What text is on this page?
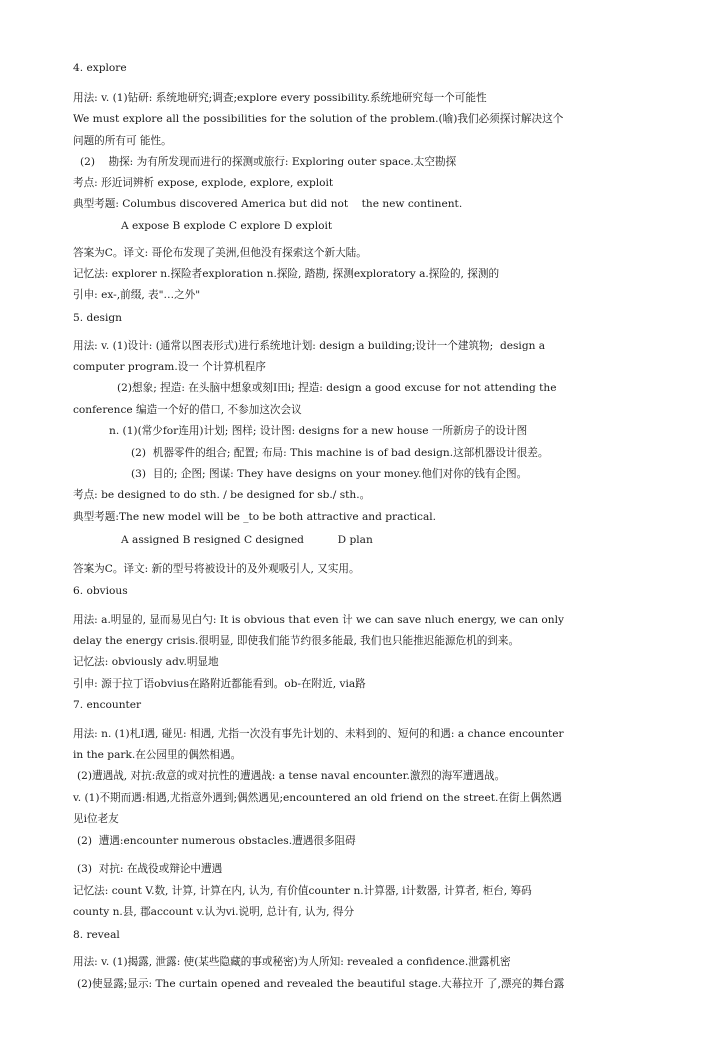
4. explore
用法: v. (1)钻研: 系统地研究;调查;explore every possibility.系统地研究每一个可能性
We must explore all the possibilities for the solution of the problem.(喻)我们必须探讨解决这个
问题的所有可 能性。
(2)    勘探: 为有所发现而进行的探测或旅行: Exploring outer space.太空勘探
考点: 形近词辨析 expose, explode, explore, exploit
典型考题: Columbus discovered America but did not    the new continent.
A expose B explode C explore D exploit
答案为C。译文: 哥伦布发现了美洲,但他没有探索这个新大陆。
记忆法: explorer n.探险者exploration n.探险, 踏勘, 探测exploratory a.探险的, 探测的
引申: ex-,前缀, 表"…之外"
5. design
用法: v. (1)设计: (通常以图表形式)进行系统地计划: design a building;设计一个建筑物;  design a
computer program.设一 个计算机程序
(2)想象; 捏造: 在头脑中想象或刻I田i; 捏造: design a good excuse for not attending the
conference 编造一个好的借口, 不参加这次会议
n. (1)(常少for连用)计划; 图样; 设计图: designs for a new house 一所新房子的设计图
(2)  机器零件的组合; 配置; 布局: This machine is of bad design.这部机器设计很差。
(3)  目的; 企图; 图谋: They have designs on your money.他们对你的钱有企图。
考点: be designed to do sth. / be designed for sb./ sth.。
典型考题:The new model will be _to be both attractive and practical.
A assigned B resigned C designed          D plan
答案为C。译文: 新的型号将被设计的及外观吸引人, 又实用。
6. obvious
用法: a.明显的, 显而易见白勺: It is obvious that even 计 we can save nluch energy, we can only
delay the energy crisis.很明显, 即使我们能节约很多能最, 我们也只能推迟能源危机的到来。
记忆法: obviously adv.明显地
引申: 源于拉丁语obvius在路附近都能看到。ob-在附近, via路
7. encounter
用法: n. (1)札I遇, 碰见: 相遇, 尤指一次没有事先计划的、未料到的、短何的和遇: a chance encounter
in the park.在公园里的偶然相遇。
(2)遭遇战, 对抗:敌意的或对抗性的遭遇战: a tense naval encounter.激烈的海军遭遇战。
v. (1)不期而遇:相遇,尤指意外遇到;偶然遇见;encountered an old friend on the street.在街上偶然遇
见i位老友
(2)  遭遇:encounter numerous obstacles.遭遇很多阻碍
(3)  对抗: 在战役或辩论中遭遇
记忆法: count V.数, 计算, 计算在内, 认为, 有价值counter n.计算器, i计数器, 计算者, 柜台, 筹码
county n.县, 郡account v.认为vi.说明, 总计有, 认为, 得分
8. reveal
用法: v. (1)揭露, 泄露: 使(某些隐藏的事或秘密)为人所知: revealed a confidence.泄露机密
(2)使显露;显示: The curtain opened and revealed the beautiful stage.大幕拉开 了,漂亮的舞台露
